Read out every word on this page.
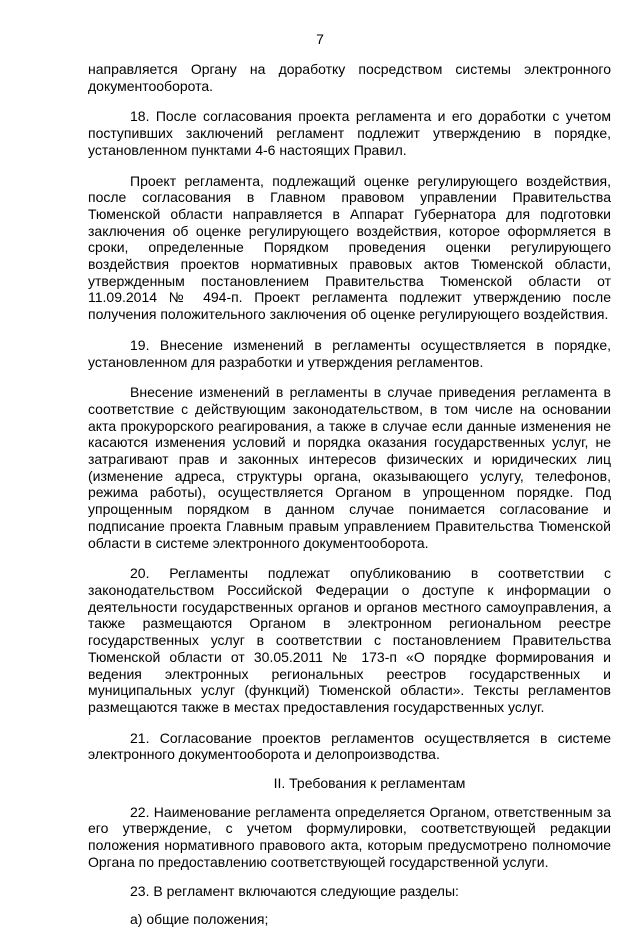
7

направляется Органу на доработку посредством системы электронного документооборота.

18. После согласования проекта регламента и его доработки с учетом поступивших заключений регламент подлежит утверждению в порядке, установленном пунктами 4-6 настоящих Правил.

Проект регламента, подлежащий оценке регулирующего воздействия, после согласования в Главном правовом управлении Правительства Тюменской области направляется в Аппарат Губернатора для подготовки заключения об оценке регулирующего воздействия, которое оформляется в сроки, определенные Порядком проведения оценки регулирующего воздействия проектов нормативных правовых актов Тюменской области, утвержденным постановлением Правительства Тюменской области от 11.09.2014 № 494-п. Проект регламента подлежит утверждению после получения положительного заключения об оценке регулирующего воздействия.

19. Внесение изменений в регламенты осуществляется в порядке, установленном для разработки и утверждения регламентов.

Внесение изменений в регламенты в случае приведения регламента в соответствие с действующим законодательством, в том числе на основании акта прокурорского реагирования, а также в случае если данные изменения не касаются изменения условий и порядка оказания государственных услуг, не затрагивают прав и законных интересов физических и юридических лиц (изменение адреса, структуры органа, оказывающего услугу, телефонов, режима работы), осуществляется Органом в упрощенном порядке. Под упрощенным порядком в данном случае понимается согласование и подписание проекта Главным правым управлением Правительства Тюменской области в системе электронного документооборота.

20. Регламенты подлежат опубликованию в соответствии с законодательством Российской Федерации о доступе к информации о деятельности государственных органов и органов местного самоуправления, а также размещаются Органом в электронном региональном реестре государственных услуг в соответствии с постановлением Правительства Тюменской области от 30.05.2011 № 173-п «О порядке формирования и ведения электронных региональных реестров государственных и муниципальных услуг (функций) Тюменской области». Тексты регламентов размещаются также в местах предоставления государственных услуг.

21. Согласование проектов регламентов осуществляется в системе электронного документооборота и делопроизводства.

II. Требования к регламентам

22. Наименование регламента определяется Органом, ответственным за его утверждение, с учетом формулировки, соответствующей редакции положения нормативного правового акта, которым предусмотрено полномочие Органа по предоставлению соответствующей государственной услуги.

23. В регламент включаются следующие разделы:

а) общие положения;
